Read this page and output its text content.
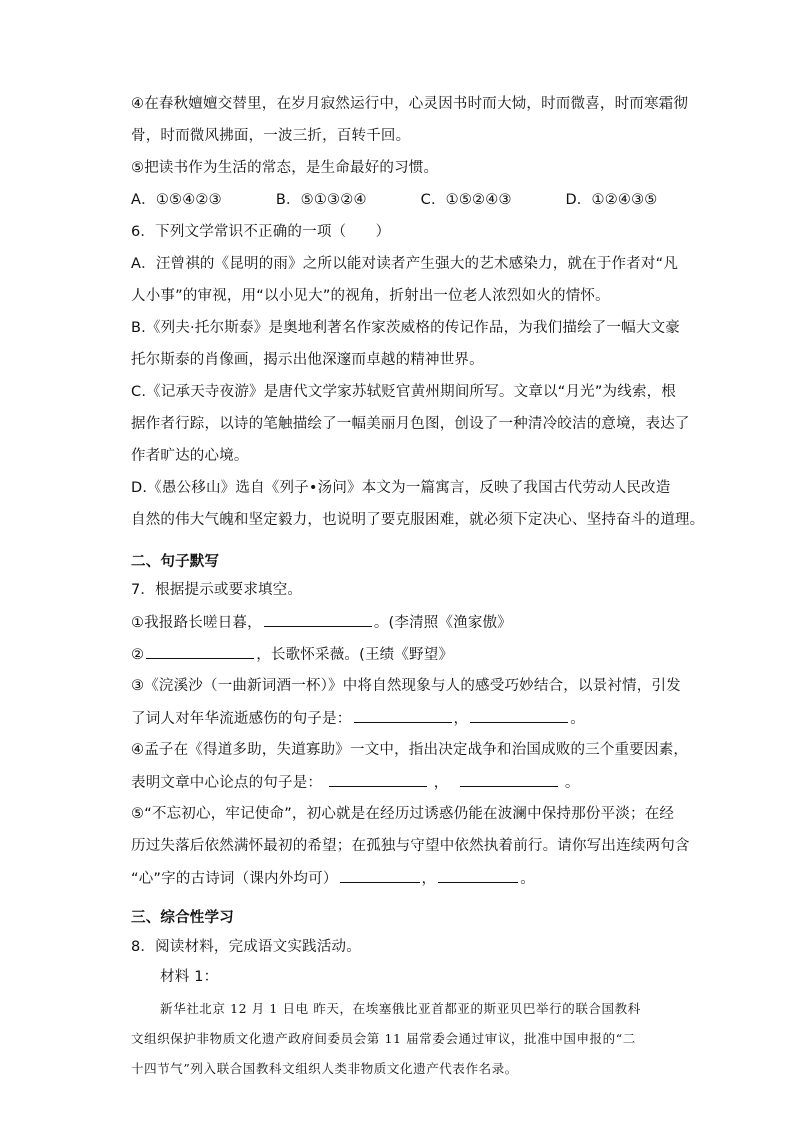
④在春秋嬗嬗交替里，在岁月寂然运行中，心灵因书时而大恸，时而微喜，时而寒霜彻
骨，时而微风拂面，一波三折，百转千回。
⑤把读书作为生活的常态，是生命最好的习惯。
A．①⑤④②③	B．⑤①③②④	C．①⑤②④③	D．①②④③⑤
6．下列文学常识不正确的一项（　　）
A．汪曾祺的《昆明的雨》之所以能对读者产生强大的艺术感染力，就在于作者对“凡
人小事”的审视，用“以小见大”的视角，折射出一位老人浓烈如火的情怀。
B.《列夫·托尔斯泰》是奥地利著名作家茨威格的传记作品，为我们描绘了一幅大文豪
托尔斯泰的肖像画，揭示出他深邃而卓越的精神世界。
C.《记承天寺夜游》是唐代文学家苏轼贬官黄州期间所写。文章以“月光”为线索，根
据作者行踪，以诗的笔触描绘了一幅美丽月色图，创设了一种清冷皎洁的意境，表达了
作者旷达的心境。
D.《愚公移山》选自《列子•汤问》本文为一篇寓言，反映了我国古代劳动人民改造
自然的伟大气魄和坚定毅力，也说明了要克服困难，就必须下定决心、坚持奋斗的道理。
二、句子默写
7．根据提示或要求填空。
①我报路长嗟日暮，	。(李清照《渔家傲》
②	，长歌怀采薇。(王绩《野望》
③《浣溪沙（一曲新词酒一杯）》中将自然现象与人的感受巧妙结合，以景衬情，引发
了词人对年华流逝感伤的句子是：	，	。
④孟子在《得道多助，失道寡助》一文中，指出决定战争和治国成败的三个重要因素，
表明文章中心论点的句子是：	，	。
⑤“不忘初心，牢记使命”，初心就是在经历过诱惑仍能在波澜中保持那份平淡；在经
历过失落后依然满怀最初的希望；在孤独与守望中依然执着前行。请你写出连续两句含
“心”字的古诗词（课内外均可）	，	。
三、综合性学习
8．阅读材料，完成语文实践活动。
材料 1：
新华社北京 12 月 1 日电 昨天，在埃塞俄比亚首都亚的斯亚贝巴举行的联合国教科
文组织保护非物质文化遗产政府间委员会第 11 届常委会通过审议，批准中国申报的“二
十四节气”列入联合国教科文组织人类非物质文化遗产代表作名录。
